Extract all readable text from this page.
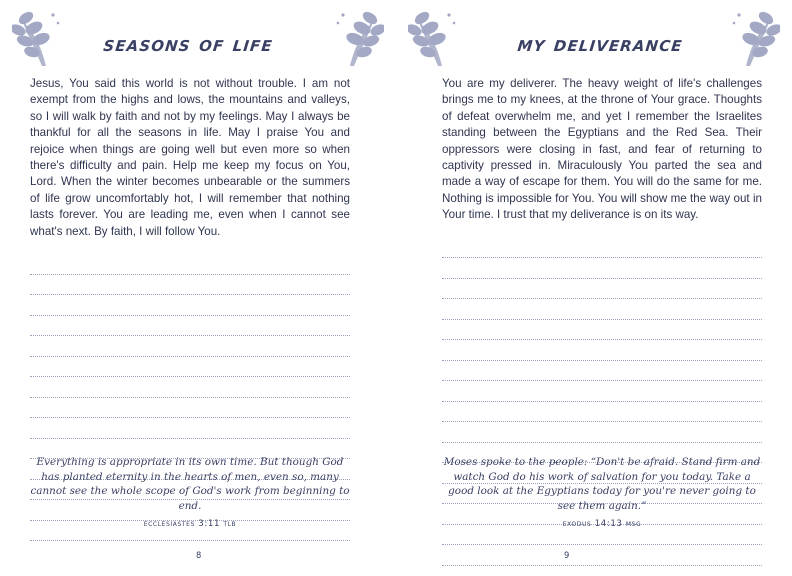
seasons of life

Jesus, You said this world is not without trouble. I am not exempt from the highs and lows, the mountains and valleys, so I will walk by faith and not by my feelings. May I always be thankful for all the seasons in life. May I praise You and rejoice when things are going well but even more so when there's difficulty and pain. Help me keep my focus on You, Lord. When the winter becomes unbearable or the summers of life grow uncomfortably hot, I will remember that nothing lasts forever. You are leading me, even when I cannot see what's next. By faith, I will follow You.

Everything is appropriate in its own time. But though God has planted eternity in the hearts of men, even so, many cannot see the whole scope of God's work from beginning to end.
ecclesiastes 3:11 tlb
8
my deliverance

You are my deliverer. The heavy weight of life's challenges brings me to my knees, at the throne of Your grace. Thoughts of defeat overwhelm me, and yet I remember the Israelites standing between the Egyptians and the Red Sea. Their oppressors were closing in fast, and fear of returning to captivity pressed in. Miraculously You parted the sea and made a way of escape for them. You will do the same for me. Nothing is impossible for You. You will show me the way out in Your time. I trust that my deliverance is on its way.

Moses spoke to the people: “Don't be afraid. Stand firm and watch God do his work of salvation for you today. Take a good look at the Egyptians today for you're never going to see them again.”
exodus 14:13 msg
9
